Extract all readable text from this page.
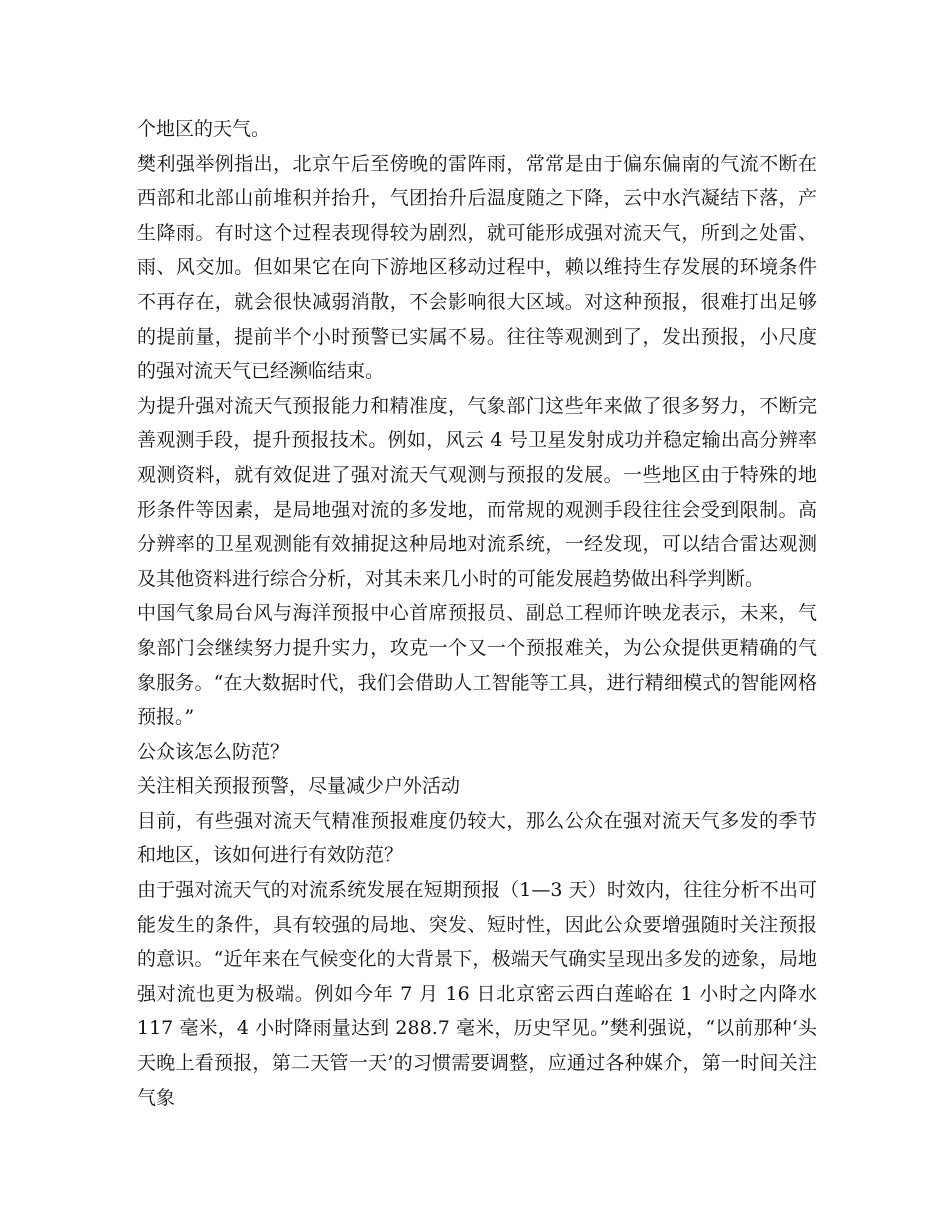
个地区的天气。

樊利强举例指出，北京午后至傍晚的雷阵雨，常常是由于偏东偏南的气流不断在西部和北部山前堆积并抬升，气团抬升后温度随之下降，云中水汽凝结下落，产生降雨。有时这个过程表现得较为剧烈，就可能形成强对流天气，所到之处雷、雨、风交加。但如果它在向下游地区移动过程中，赖以维持生存发展的环境条件不再存在，就会很快减弱消散，不会影响很大区域。对这种预报，很难打出足够的提前量，提前半个小时预警已实属不易。往往等观测到了，发出预报，小尺度的强对流天气已经濒临结束。

为提升强对流天气预报能力和精准度，气象部门这些年来做了很多努力，不断完善观测手段，提升预报技术。例如，风云 4 号卫星发射成功并稳定输出高分辨率观测资料，就有效促进了强对流天气观测与预报的发展。一些地区由于特殊的地形条件等因素，是局地强对流的多发地，而常规的观测手段往往会受到限制。高分辨率的卫星观测能有效捕捉这种局地对流系统，一经发现，可以结合雷达观测及其他资料进行综合分析，对其未来几小时的可能发展趋势做出科学判断。

中国气象局台风与海洋预报中心首席预报员、副总工程师许映龙表示，未来，气象部门会继续努力提升实力，攻克一个又一个预报难关，为公众提供更精确的气象服务。“在大数据时代，我们会借助人工智能等工具，进行精细模式的智能网格预报。”

公众该怎么防范？

关注相关预报预警，尽量减少户外活动

目前，有些强对流天气精准预报难度仍较大，那么公众在强对流天气多发的季节和地区，该如何进行有效防范？

由于强对流天气的对流系统发展在短期预报（1—3 天）时效内，往往分析不出可能发生的条件，具有较强的局地、突发、短时性，因此公众要增强随时关注预报的意识。“近年来在气候变化的大背景下，极端天气确实呈现出多发的迹象，局地强对流也更为极端。例如今年 7 月 16 日北京密云西白莲峪在 1 小时之内降水 117 毫米，4 小时降雨量达到 288.7 毫米，历史罕见。”樊利强说，“以前那种‘头天晚上看预报，第二天管一天’的习惯需要调整，应通过各种媒介，第一时间关注气象
